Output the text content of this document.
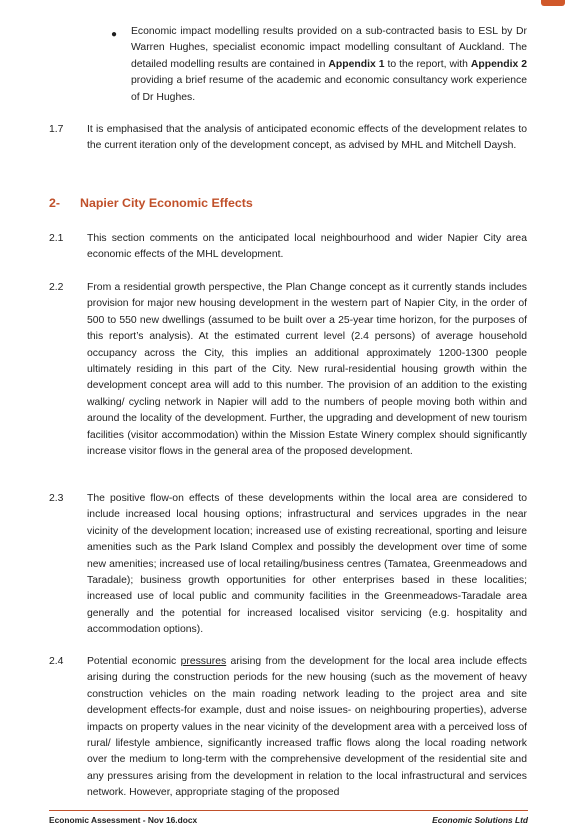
● Economic impact modelling results provided on a sub-contracted basis to ESL by Dr Warren Hughes, specialist economic impact modelling consultant of Auckland. The detailed modelling results are contained in Appendix 1 to the report, with Appendix 2 providing a brief resume of the academic and economic consultancy work experience of Dr Hughes.
1.7 It is emphasised that the analysis of anticipated economic effects of the development relates to the current iteration only of the development concept, as advised by MHL and Mitchell Daysh.
2- Napier City Economic Effects
2.1 This section comments on the anticipated local neighbourhood and wider Napier City area economic effects of the MHL development.
2.2 From a residential growth perspective, the Plan Change concept as it currently stands includes provision for major new housing development in the western part of Napier City, in the order of 500 to 550 new dwellings (assumed to be built over a 25-year time horizon, for the purposes of this report’s analysis). At the estimated current level (2.4 persons) of average household occupancy across the City, this implies an additional approximately 1200-1300 people ultimately residing in this part of the City. New rural-residential housing growth within the development concept area will add to this number. The provision of an addition to the existing walking/ cycling network in Napier will add to the numbers of people moving both within and around the locality of the development. Further, the upgrading and development of new tourism facilities (visitor accommodation) within the Mission Estate Winery complex should significantly increase visitor flows in the general area of the proposed development.
2.3 The positive flow-on effects of these developments within the local area are considered to include increased local housing options; infrastructural and services upgrades in the near vicinity of the development location; increased use of existing recreational, sporting and leisure amenities such as the Park Island Complex and possibly the development over time of some new amenities; increased use of local retailing/business centres (Tamatea, Greenmeadows and Taradale); business growth opportunities for other enterprises based in these localities; increased use of local public and community facilities in the Greenmeadows-Taradale area generally and the potential for increased localised visitor servicing (e.g. hospitality and accommodation options).
2.4 Potential economic pressures arising from the development for the local area include effects arising during the construction periods for the new housing (such as the movement of heavy construction vehicles on the main roading network leading to the project area and site development effects-for example, dust and noise issues- on neighbouring properties), adverse impacts on property values in the near vicinity of the development area with a perceived loss of rural/ lifestyle ambience, significantly increased traffic flows along the local roading network over the medium to long-term with the comprehensive development of the residential site and any pressures arising from the development in relation to the local infrastructural and services network. However, appropriate staging of the proposed
Economic Assessment - Nov 16.docx	Economic Solutions Ltd
